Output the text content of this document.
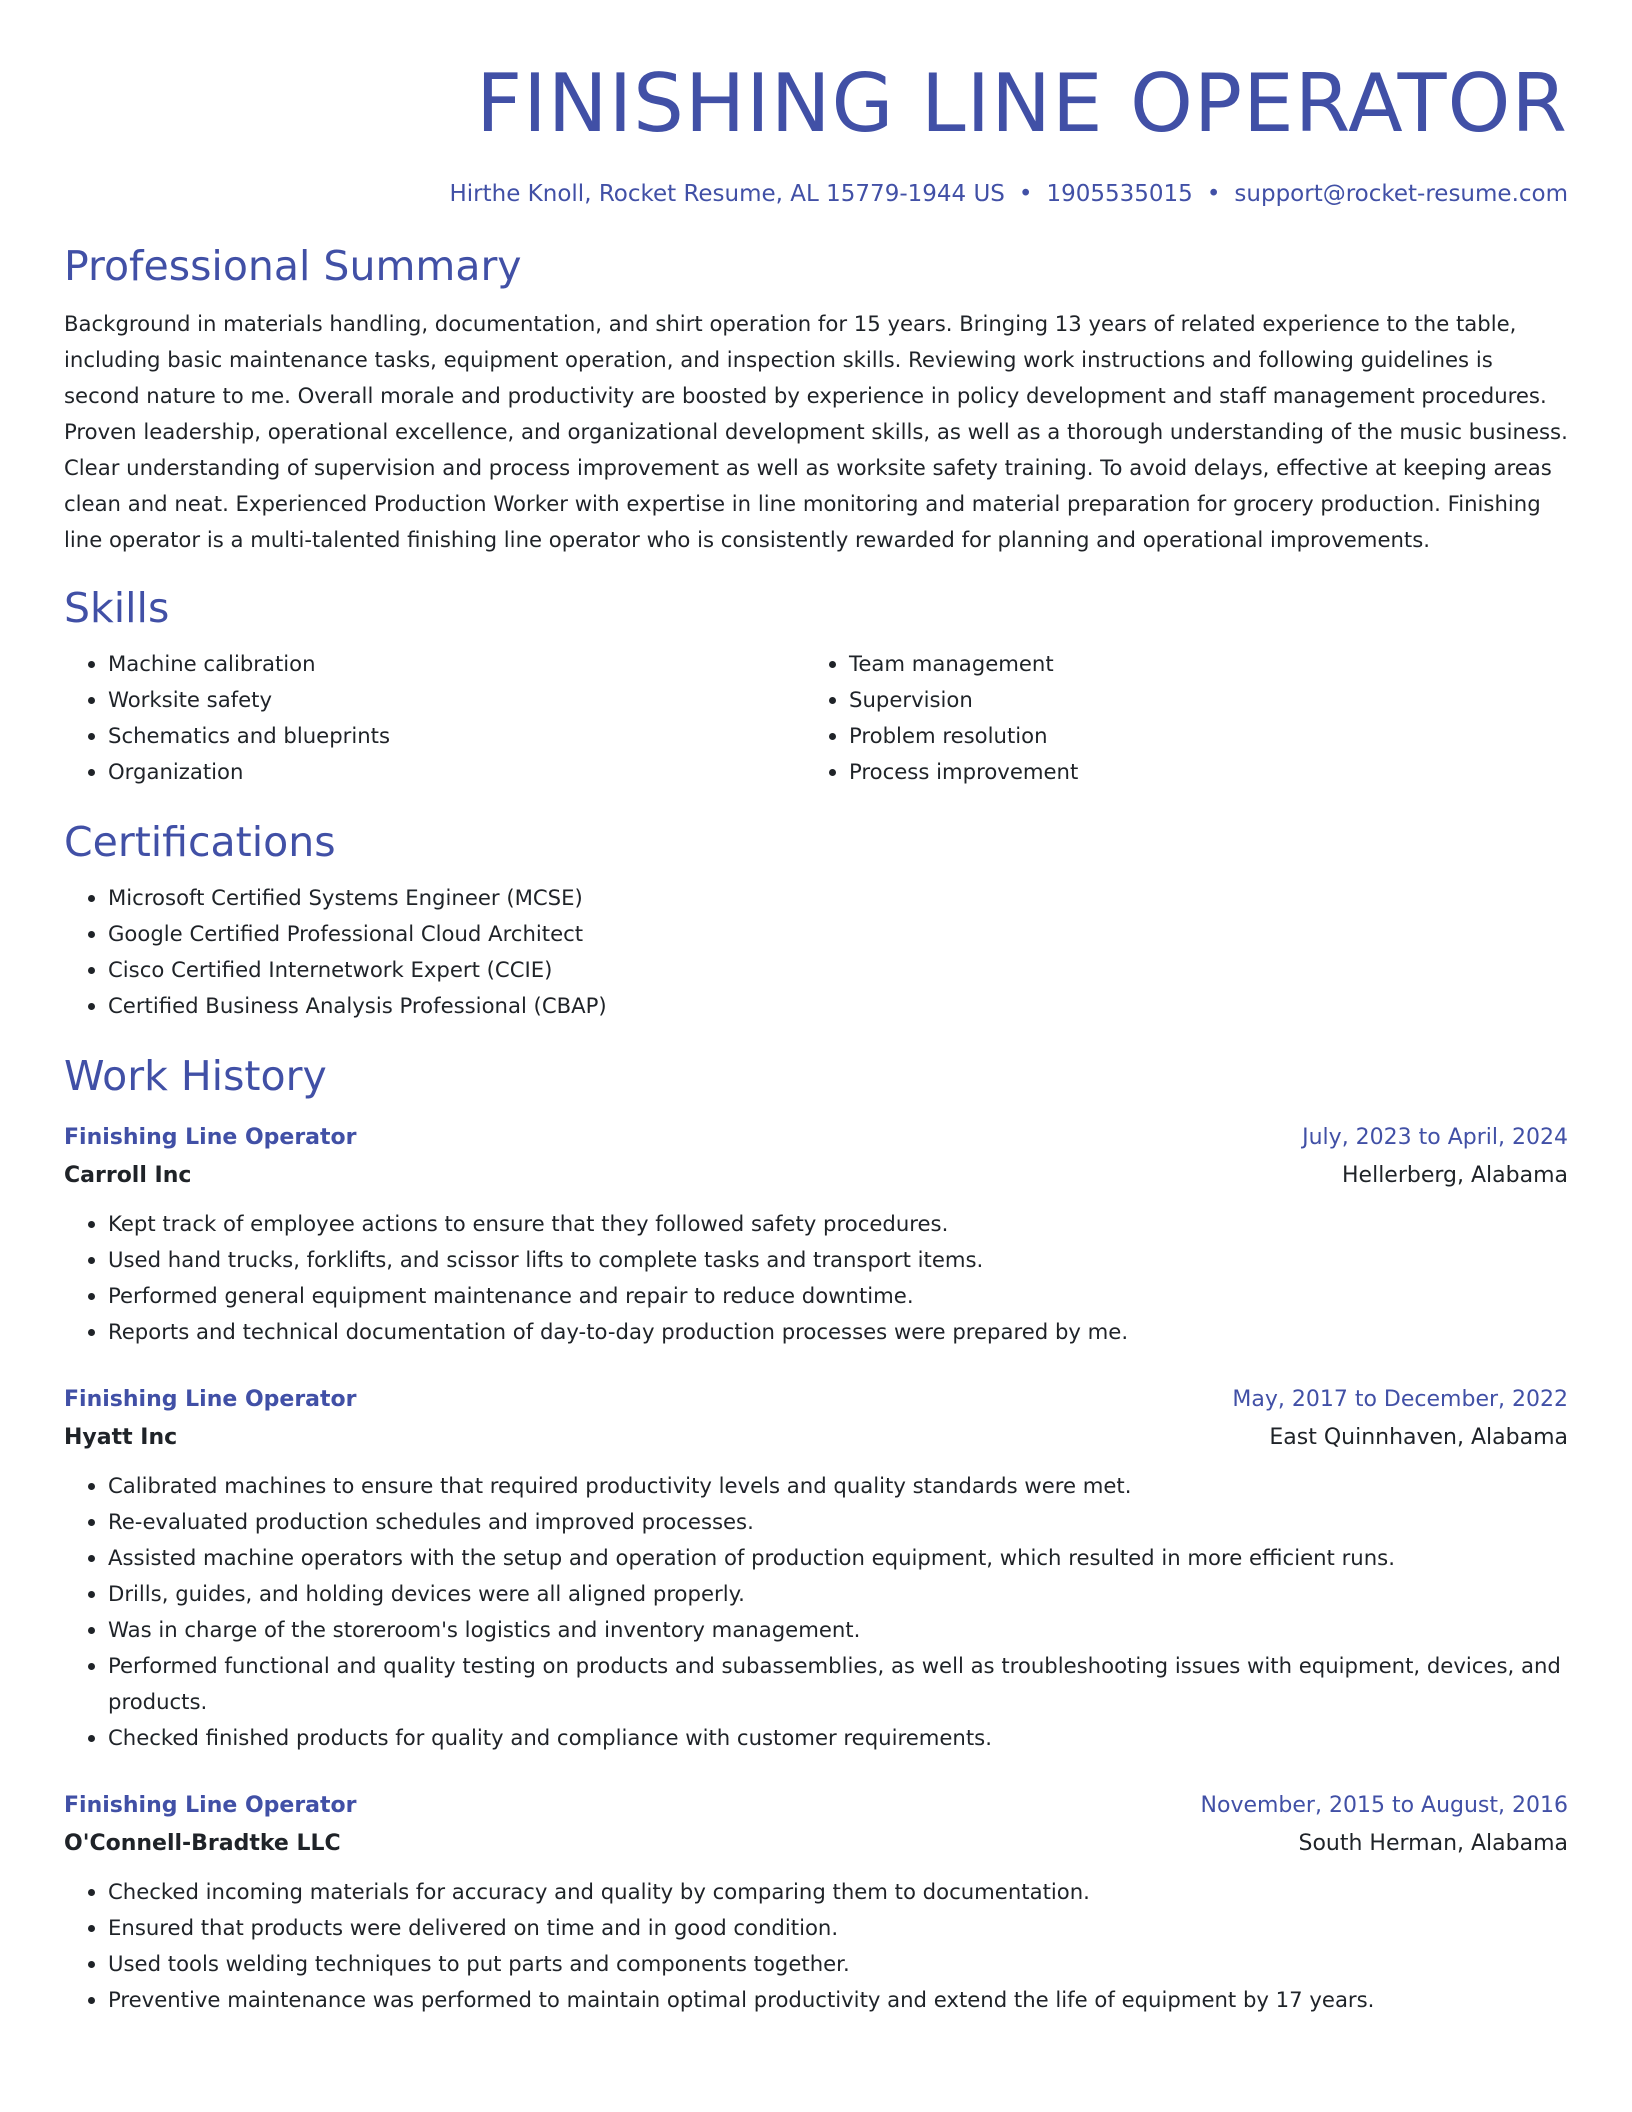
FINISHING LINE OPERATOR
Hirthe Knoll, Rocket Resume, AL 15779-1944 US • 1905535015 • support@rocket-resume.com
Professional Summary

Background in materials handling, documentation, and shirt operation for 15 years. Bringing 13 years of related experience to the table, including basic maintenance tasks, equipment operation, and inspection skills. Reviewing work instructions and following guidelines is second nature to me. Overall morale and productivity are boosted by experience in policy development and staff management procedures. Proven leadership, operational excellence, and organizational development skills, as well as a thorough understanding of the music business. Clear understanding of supervision and process improvement as well as worksite safety training. To avoid delays, effective at keeping areas clean and neat. Experienced Production Worker with expertise in line monitoring and material preparation for grocery production. Finishing line operator is a multi-talented finishing line operator who is consistently rewarded for planning and operational improvements.

Skills
• Machine calibration
• Worksite safety
• Schematics and blueprints
• Organization
• Team management
• Supervision
• Problem resolution
• Process improvement
Certifications
• Microsoft Certified Systems Engineer (MCSE)
• Google Certified Professional Cloud Architect
• Cisco Certified Internetwork Expert (CCIE)
• Certified Business Analysis Professional (CBAP)
Work History
Finishing Line Operator	July, 2023 to April, 2024
Carroll Inc	Hellerberg, Alabama
• Kept track of employee actions to ensure that they followed safety procedures.
• Used hand trucks, forklifts, and scissor lifts to complete tasks and transport items.
• Performed general equipment maintenance and repair to reduce downtime.
• Reports and technical documentation of day-to-day production processes were prepared by me.
Finishing Line Operator	May, 2017 to December, 2022
Hyatt Inc	East Quinnhaven, Alabama
• Calibrated machines to ensure that required productivity levels and quality standards were met.
• Re-evaluated production schedules and improved processes.
• Assisted machine operators with the setup and operation of production equipment, which resulted in more efficient runs.
• Drills, guides, and holding devices were all aligned properly.
• Was in charge of the storeroom's logistics and inventory management.
• Performed functional and quality testing on products and subassemblies, as well as troubleshooting issues with equipment, devices, and products.
• Checked finished products for quality and compliance with customer requirements.
Finishing Line Operator	November, 2015 to August, 2016
O'Connell-Bradtke LLC	South Herman, Alabama
• Checked incoming materials for accuracy and quality by comparing them to documentation.
• Ensured that products were delivered on time and in good condition.
• Used tools welding techniques to put parts and components together.
• Preventive maintenance was performed to maintain optimal productivity and extend the life of equipment by 17 years.
